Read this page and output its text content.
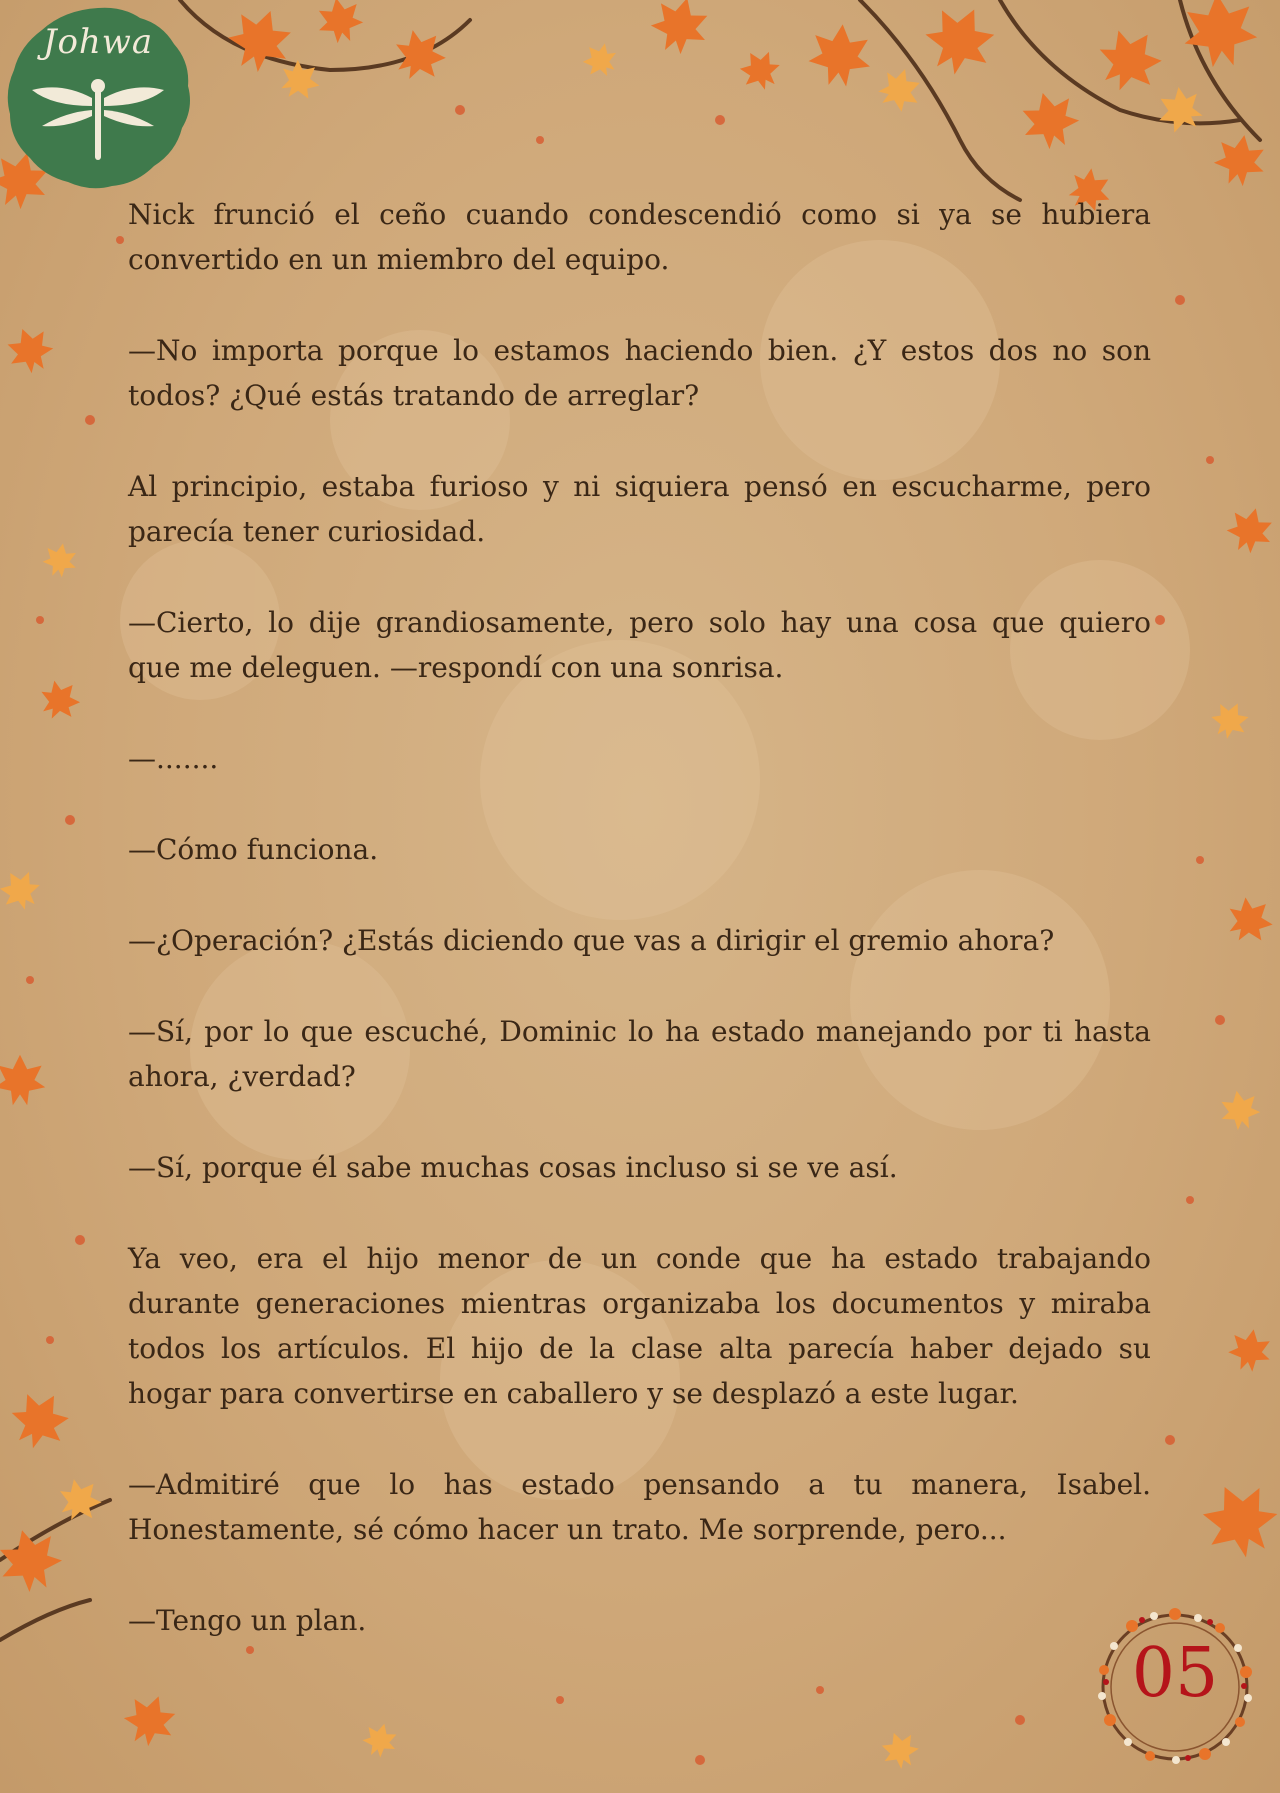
Johwa

Nick frunció el ceño cuando condescendió como si ya se hubiera convertido en un miembro del equipo.

—No importa porque lo estamos haciendo bien. ¿Y estos dos no son todos? ¿Qué estás tratando de arreglar?

Al principio, estaba furioso y ni siquiera pensó en escucharme, pero parecía tener curiosidad.

—Cierto, lo dije grandiosamente, pero solo hay una cosa que quiero que me deleguen. —respondí con una sonrisa.

—.......

—Cómo funciona.

—¿Operación? ¿Estás diciendo que vas a dirigir el gremio ahora?

—Sí, por lo que escuché, Dominic lo ha estado manejando por ti hasta ahora, ¿verdad?

—Sí, porque él sabe muchas cosas incluso si se ve así.

Ya veo, era el hijo menor de un conde que ha estado trabajando durante generaciones mientras organizaba los documentos y miraba todos los artículos. El hijo de la clase alta parecía haber dejado su hogar para convertirse en caballero y se desplazó a este lugar.

—Admitiré que lo has estado pensando a tu manera, Isabel. Honestamente, sé cómo hacer un trato. Me sorprende, pero...

—Tengo un plan.

05
